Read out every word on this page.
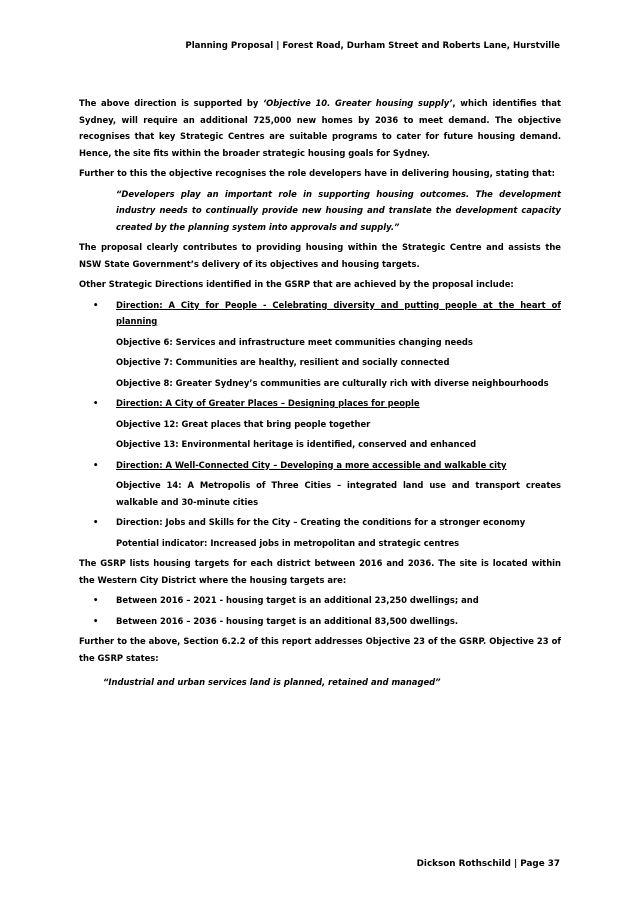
Planning Proposal | Forest Road, Durham Street and Roberts Lane, Hurstville

The above direction is supported by ‘Objective 10. Greater housing supply’, which identifies that Sydney, will require an additional 725,000 new homes by 2036 to meet demand. The objective recognises that key Strategic Centres are suitable programs to cater for future housing demand. Hence, the site fits within the broader strategic housing goals for Sydney.

Further to this the objective recognises the role developers have in delivering housing, stating that:

“Developers play an important role in supporting housing outcomes. The development industry needs to continually provide new housing and translate the development capacity created by the planning system into approvals and supply.”

The proposal clearly contributes to providing housing within the Strategic Centre and assists the NSW State Government’s delivery of its objectives and housing targets.

Other Strategic Directions identified in the GSRP that are achieved by the proposal include:

• Direction: A City for People - Celebrating diversity and putting people at the heart of planning

Objective 6: Services and infrastructure meet communities changing needs

Objective 7: Communities are healthy, resilient and socially connected

Objective 8: Greater Sydney’s communities are culturally rich with diverse neighbourhoods

• Direction: A City of Greater Places – Designing places for people

Objective 12: Great places that bring people together

Objective 13: Environmental heritage is identified, conserved and enhanced

• Direction: A Well-Connected City – Developing a more accessible and walkable city

Objective 14: A Metropolis of Three Cities – integrated land use and transport creates walkable and 30-minute cities

• Direction: Jobs and Skills for the City – Creating the conditions for a stronger economy

Potential indicator: Increased jobs in metropolitan and strategic centres

The GSRP lists housing targets for each district between 2016 and 2036. The site is located within the Western City District where the housing targets are:

• Between 2016 – 2021 - housing target is an additional 23,250 dwellings; and
• Between 2016 – 2036 - housing target is an additional 83,500 dwellings.

Further to the above, Section 6.2.2 of this report addresses Objective 23 of the GSRP. Objective 23 of the GSRP states:

“Industrial and urban services land is planned, retained and managed”

Dickson Rothschild | Page 37
